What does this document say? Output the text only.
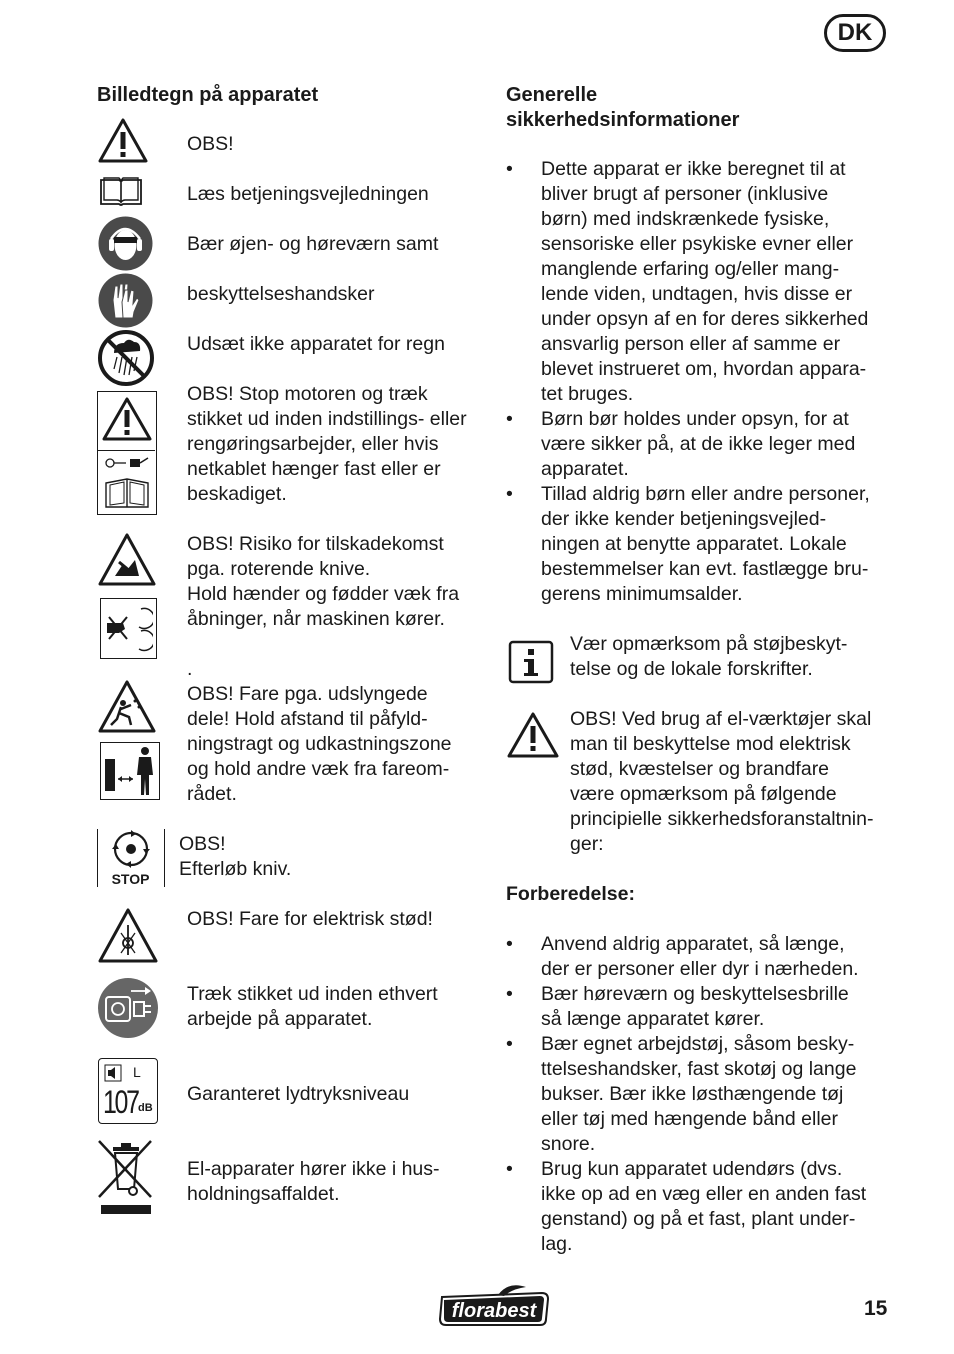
DK
Billedtegn på apparatet
OBS!
Læs betjeningsvejledningen
Bær øjen- og høreværn samt
beskyttelseshandsker
Udsæt ikke apparatet for regn
OBS! Stop motoren og træk
stikket ud inden indstillings- eller
rengøringsarbejder, eller hvis
netkablet hænger fast eller er
beskadiget.
OBS! Risiko for tilskadekomst
pga. roterende knive.
Hold hænder og fødder væk fra
åbninger, når maskinen kører.
.
OBS! Fare pga. udslyngede
dele! Hold afstand til påfyld-
ningstragt og udkastningszone
og hold andre væk fra fareom-
rådet.
STOP
OBS!
Efterløb kniv.
OBS! Fare for elektrisk stød!
Træk stikket ud inden ethvert
arbejde på apparatet.
L
107 dB
Garanteret lydtryksniveau
El-apparater hører ikke i hus-
holdningsaffaldet.
Generelle
sikkerhedsinformationer
• Dette apparat er ikke beregnet til at
bliver brugt af personer (inklusive
børn) med indskrænkede fysiske,
sensoriske eller psykiske evner eller
manglende erfaring og/eller mang-
lende viden, undtagen, hvis disse er
under opsyn af en for deres sikkerhed
ansvarlig person eller af samme er
blevet instrueret om, hvordan appara-
tet bruges.
• Børn bør holdes under opsyn, for at
være sikker på, at de ikke leger med
apparatet.
• Tillad aldrig børn eller andre personer,
der ikke kender betjeningsvejled-
ningen at benytte apparatet. Lokale
bestemmelser kan evt. fastlægge bru-
gerens minimumsalder.
Vær opmærksom på støjbeskyt-
telse og de lokale forskrifter.
OBS! Ved brug af el-værktøjer skal
man til beskyttelse mod elektrisk
stød, kvæstelser og brandfare
være opmærksom på følgende
principielle sikkerhedsforanstaltnin-
ger:
Forberedelse:
• Anvend aldrig apparatet, så længe,
der er personer eller dyr i nærheden.
• Bær høreværn og beskyttelsesbrille
så længe apparatet kører.
• Bær egnet arbejdstøj, såsom besky-
ttelseshandsker, fast skotøj og lange
bukser. Bær ikke løsthængende tøj
eller tøj med hængende bånd eller
snore.
• Brug kun apparatet udendørs (dvs.
ikke op ad en væg eller en anden fast
genstand) og på et fast, plant under-
lag.
florabest	15
